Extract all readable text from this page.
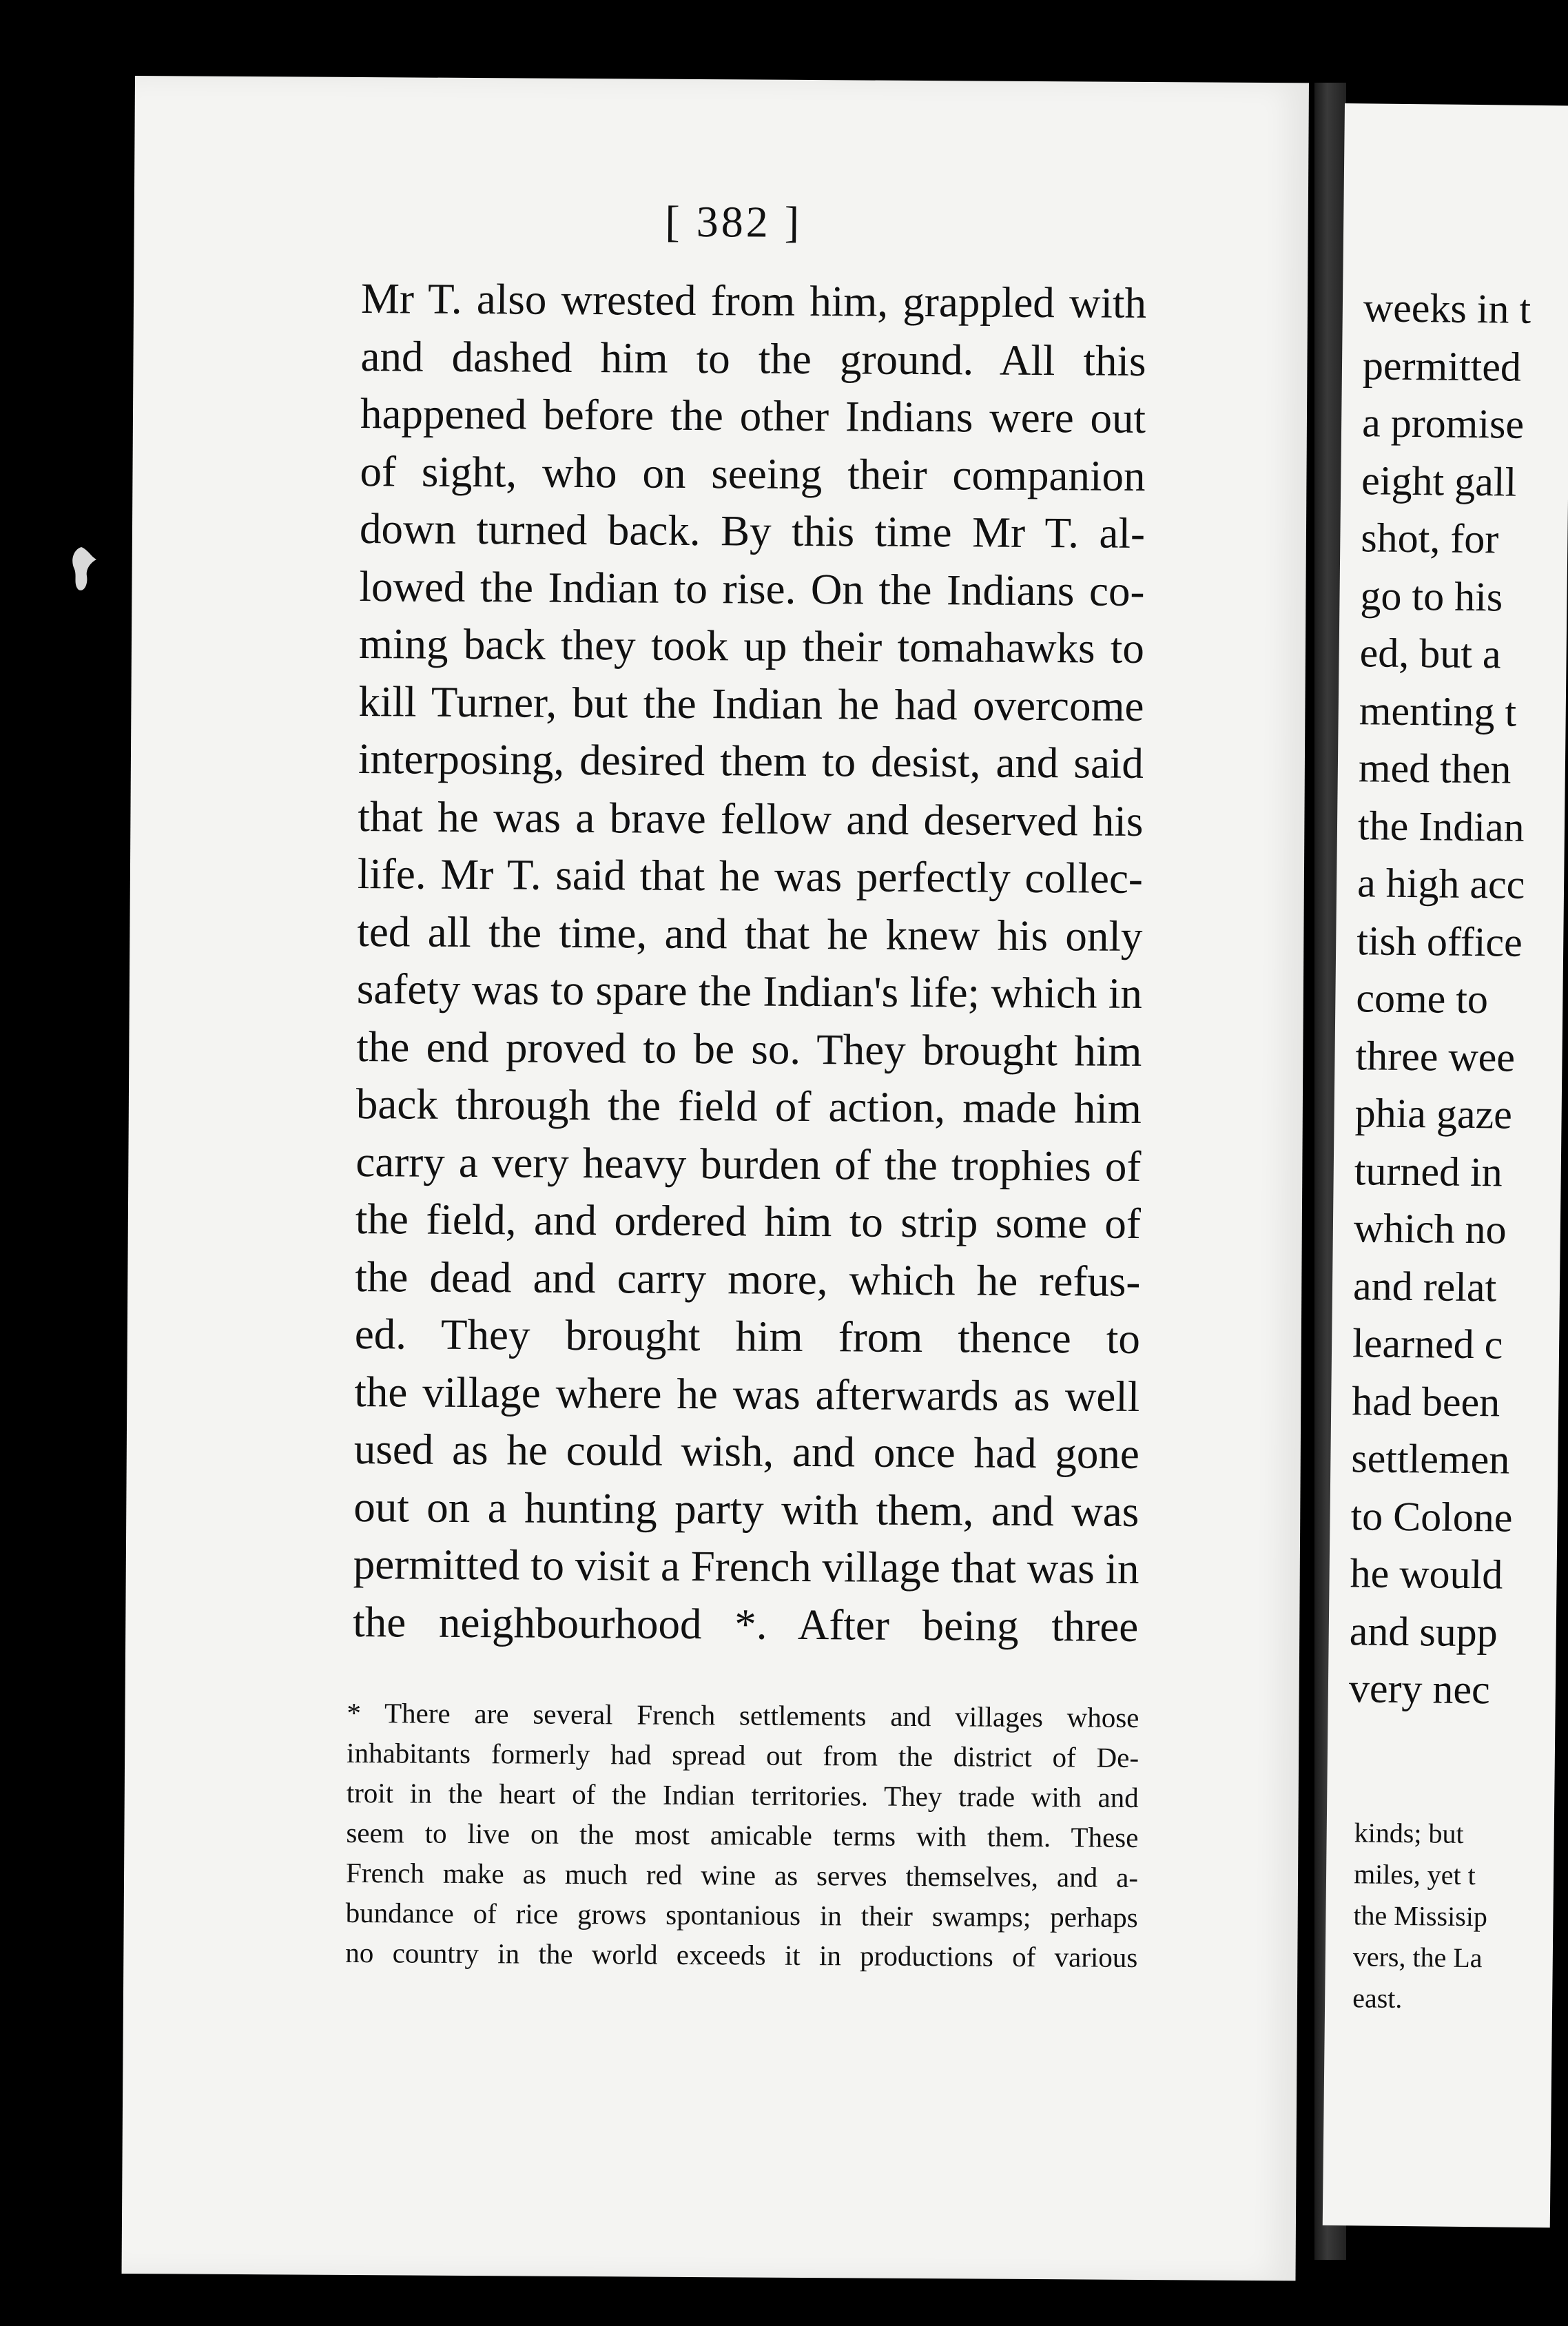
[ 382 ]
Mr T. also wrested from him, grappled with
and dashed him to the ground. All this
happened before the other Indians were out
of sight, who on seeing their companion
down turned back. By this time Mr T. al-
lowed the Indian to rise. On the Indians co-
ming back they took up their tomahawks to
kill Turner, but the Indian he had overcome
interposing, desired them to desist, and said
that he was a brave fellow and deserved his
life. Mr T. said that he was perfectly collec-
ted all the time, and that he knew his only
safety was to spare the Indian's life; which in
the end proved to be so. They brought him
back through the field of action, made him
carry a very heavy burden of the trophies of
the field, and ordered him to strip some of
the dead and carry more, which he refus-
ed. They brought him from thence to
the village where he was afterwards as well
used as he could wish, and once had gone
out on a hunting party with them, and was
permitted to visit a French village that was in
the neighbourhood *. After being three
* There are several French settlements and villages whose
inhabitants formerly had spread out from the district of De-
troit in the heart of the Indian territories. They trade with and
seem to live on the most amicable terms with them. These
French make as much red wine as serves themselves, and a-
bundance of rice grows spontanious in their swamps; perhaps
no country in the world exceeds it in productions of various
weeks in t
permitted
a promise
eight gall
shot, for
go to his
ed, but a
menting t
med then
the Indian
a high acc
tish office
come to
three wee
phia gaze
turned in
which no
and relat
learned c
had been
settlemen
to Colone
he would
and supp
very nec
kinds; but
miles, yet t
the Missisip
vers, the La
east.
